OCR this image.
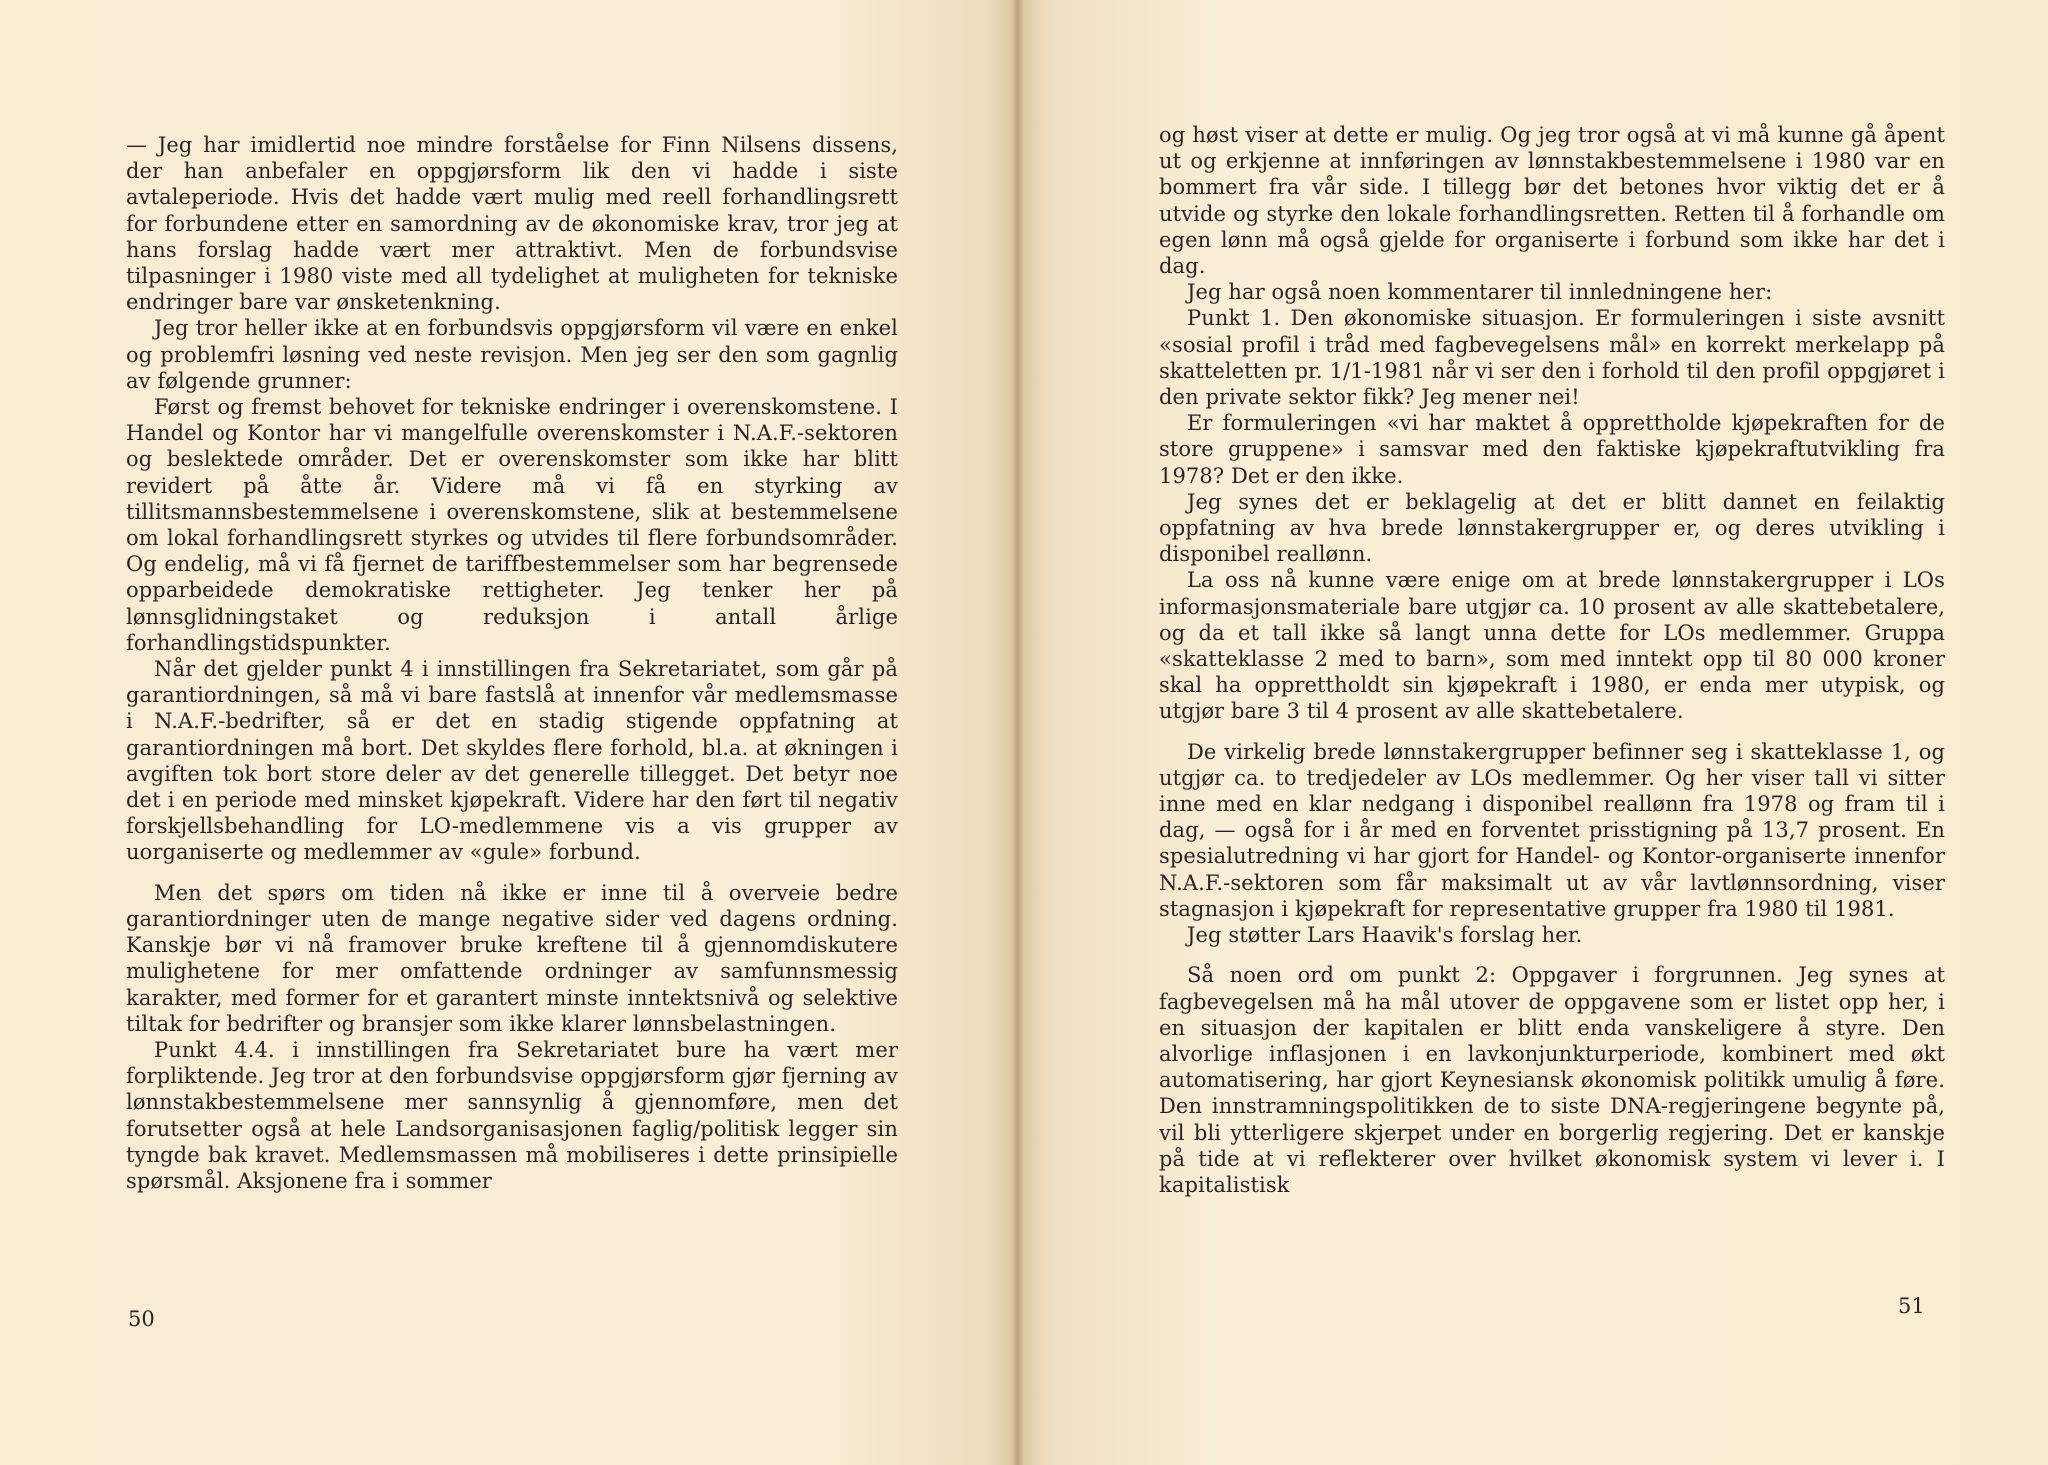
— Jeg har imidlertid noe mindre forståelse for Finn Nilsens dissens, der han anbefaler en oppgjørsform lik den vi hadde i siste avtaleperiode. Hvis det hadde vært mulig med reell forhandlingsrett for forbundene etter en samordning av de økonomiske krav, tror jeg at hans forslag hadde vært mer attraktivt. Men de forbundsvise tilpasninger i 1980 viste med all tydelighet at muligheten for tekniske endringer bare var ønsketenkning.

Jeg tror heller ikke at en forbundsvis oppgjørsform vil være en enkel og problemfri løsning ved neste revisjon. Men jeg ser den som gagnlig av følgende grunner:

Først og fremst behovet for tekniske endringer i overenskomstene. I Handel og Kontor har vi mangelfulle overenskomster i N.A.F.-sektoren og beslektede områder. Det er overenskomster som ikke har blitt revidert på åtte år. Videre må vi få en styrking av tillitsmannsbestemmelsene i overenskomstene, slik at bestemmelsene om lokal forhandlingsrett styrkes og utvides til flere forbundsområder. Og endelig, må vi få fjernet de tariffbestemmelser som har begrensede opparbeidede demokratiske rettigheter. Jeg tenker her på lønnsglidningstaket og reduksjon i antall årlige forhandlingstidspunkter.

Når det gjelder punkt 4 i innstillingen fra Sekretariatet, som går på garantiordningen, så må vi bare fastslå at innenfor vår medlemsmasse i N.A.F.-bedrifter, så er det en stadig stigende oppfatning at garantiordningen må bort. Det skyldes flere forhold, bl.a. at økningen i avgiften tok bort store deler av det generelle tillegget. Det betyr noe det i en periode med minsket kjøpekraft. Videre har den ført til negativ forskjellsbehandling for LO-medlemmene vis a vis grupper av uorganiserte og medlemmer av «gule» forbund.

Men det spørs om tiden nå ikke er inne til å overveie bedre garantiordninger uten de mange negative sider ved dagens ordning. Kanskje bør vi nå framover bruke kreftene til å gjennomdiskutere mulighetene for mer omfattende ordninger av samfunnsmessig karakter, med former for et garantert minste inntektsnivå og selektive tiltak for bedrifter og bransjer som ikke klarer lønnsbelastningen.

Punkt 4.4. i innstillingen fra Sekretariatet bure ha vært mer forpliktende. Jeg tror at den forbundsvise oppgjørsform gjør fjerning av lønnstakbestemmelsene mer sannsynlig å gjennomføre, men det forutsetter også at hele Landsorganisasjonen faglig/politisk legger sin tyngde bak kravet. Medlemsmassen må mobiliseres i dette prinsipielle spørsmål. Aksjonene fra i sommer

50

og høst viser at dette er mulig. Og jeg tror også at vi må kunne gå åpent ut og erkjenne at innføringen av lønnstakbestemmelsene i 1980 var en bommert fra vår side. I tillegg bør det betones hvor viktig det er å utvide og styrke den lokale forhandlingsretten. Retten til å forhandle om egen lønn må også gjelde for organiserte i forbund som ikke har det i dag.

Jeg har også noen kommentarer til innledningene her:

Punkt 1. Den økonomiske situasjon. Er formuleringen i siste avsnitt «sosial profil i tråd med fagbevegelsens mål» en korrekt merkelapp på skatteletten pr. 1/1-1981 når vi ser den i forhold til den profil oppgjøret i den private sektor fikk? Jeg mener nei!

Er formuleringen «vi har maktet å opprettholde kjøpekraften for de store gruppene» i samsvar med den faktiske kjøpekraftutvikling fra 1978? Det er den ikke.

Jeg synes det er beklagelig at det er blitt dannet en feilaktig oppfatning av hva brede lønnstakergrupper er, og deres utvikling i disponibel reallønn.

La oss nå kunne være enige om at brede lønnstakergrupper i LOs informasjonsmateriale bare utgjør ca. 10 prosent av alle skattebetalere, og da et tall ikke så langt unna dette for LOs medlemmer. Gruppa «skatteklasse 2 med to barn», som med inntekt opp til 80 000 kroner skal ha opprettholdt sin kjøpekraft i 1980, er enda mer utypisk, og utgjør bare 3 til 4 prosent av alle skattebetalere.

De virkelig brede lønnstakergrupper befinner seg i skatteklasse 1, og utgjør ca. to tredjedeler av LOs medlemmer. Og her viser tall vi sitter inne med en klar nedgang i disponibel reallønn fra 1978 og fram til i dag, — også for i år med en forventet prisstigning på 13,7 prosent. En spesialutredning vi har gjort for Handel- og Kontor-organiserte innenfor N.A.F.-sektoren som får maksimalt ut av vår lavtlønnsordning, viser stagnasjon i kjøpekraft for representative grupper fra 1980 til 1981.

Jeg støtter Lars Haavik's forslag her.

Så noen ord om punkt 2: Oppgaver i forgrunnen. Jeg synes at fagbevegelsen må ha mål utover de oppgavene som er listet opp her, i en situasjon der kapitalen er blitt enda vanskeligere å styre. Den alvorlige inflasjonen i en lavkonjunkturperiode, kombinert med økt automatisering, har gjort Keynesiansk økonomisk politikk umulig å føre. Den innstramningspolitikken de to siste DNA-regjeringene begynte på, vil bli ytterligere skjerpet under en borgerlig regjering. Det er kanskje på tide at vi reflekterer over hvilket økonomisk system vi lever i. I kapitalistisk

51
